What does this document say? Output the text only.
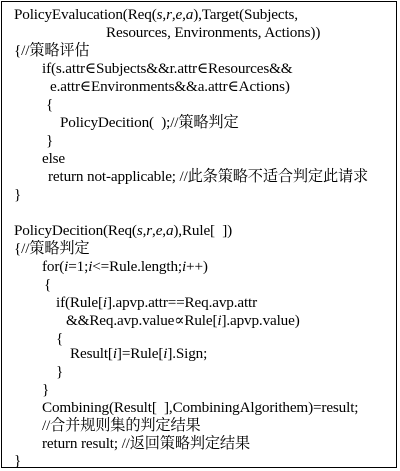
PolicyEvalucation(Req(s,r,e,a),Target(Subjects,
Resources, Environments, Actions))
{//策略评估
if(s.attr∈Subjects&&r.attr∈Resources&&
e.attr∈Environments&&a.attr∈Actions)
{
PolicyDecition(  );//策略判定
}
else
return not-applicable; //此条策略不适合判定此请求
}
PolicyDecition(Req(s,r,e,a),Rule[  ])
{//策略判定
for(i=1;i<=Rule.length;i++)
{
if(Rule[i].apvp.attr==Req.avp.attr
&&Req.avp.value∝Rule[i].apvp.value)
{
Result[i]=Rule[i].Sign;
}
}
Combining(Result[  ],CombiningAlgorithem)=result;
//合并规则集的判定结果
return result; //返回策略判定结果
}
